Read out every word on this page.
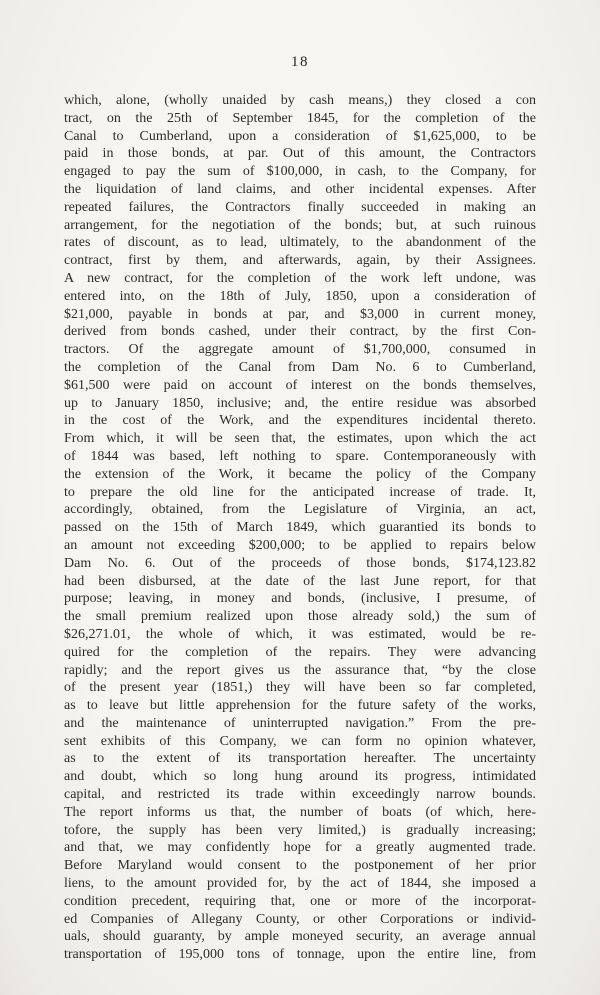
18
which, alone, (wholly unaided by cash means,) they closed a con
tract, on the 25th of September 1845, for the completion of the
Canal to Cumberland, upon a consideration of $1,625,000, to be
paid in those bonds, at par. Out of this amount, the Contractors
engaged to pay the sum of $100,000, in cash, to the Company, for
the liquidation of land claims, and other incidental expenses. After
repeated failures, the Contractors finally succeeded in making an
arrangement, for the negotiation of the bonds; but, at such ruinous
rates of discount, as to lead, ultimately, to the abandonment of the
contract, first by them, and afterwards, again, by their Assignees.
A new contract, for the completion of the work left undone, was
entered into, on the 18th of July, 1850, upon a consideration of
$21,000, payable in bonds at par, and $3,000 in current money,
derived from bonds cashed, under their contract, by the first Con-
tractors. Of the aggregate amount of $1,700,000, consumed in
the completion of the Canal from Dam No. 6 to Cumberland,
$61,500 were paid on account of interest on the bonds themselves,
up to January 1850, inclusive; and, the entire residue was absorbed
in the cost of the Work, and the expenditures incidental thereto.
From which, it will be seen that, the estimates, upon which the act
of 1844 was based, left nothing to spare. Contemporaneously with
the extension of the Work, it became the policy of the Company
to prepare the old line for the anticipated increase of trade. It,
accordingly, obtained, from the Legislature of Virginia, an act,
passed on the 15th of March 1849, which guarantied its bonds to
an amount not exceeding $200,000; to be applied to repairs below
Dam No. 6. Out of the proceeds of those bonds, $174,123.82
had been disbursed, at the date of the last June report, for that
purpose; leaving, in money and bonds, (inclusive, I presume, of
the small premium realized upon those already sold,) the sum of
$26,271.01, the whole of which, it was estimated, would be re-
quired for the completion of the repairs. They were advancing
rapidly; and the report gives us the assurance that, “by the close
of the present year (1851,) they will have been so far completed,
as to leave but little apprehension for the future safety of the works,
and the maintenance of uninterrupted navigation.” From the pre-
sent exhibits of this Company, we can form no opinion whatever,
as to the extent of its transportation hereafter. The uncertainty
and doubt, which so long hung around its progress, intimidated
capital, and restricted its trade within exceedingly narrow bounds.
The report informs us that, the number of boats (of which, here-
tofore, the supply has been very limited,) is gradually increasing;
and that, we may confidently hope for a greatly augmented trade.
Before Maryland would consent to the postponement of her prior
liens, to the amount provided for, by the act of 1844, she imposed a
condition precedent, requiring that, one or more of the incorporat-
ed Companies of Allegany County, or other Corporations or individ-
uals, should guaranty, by ample moneyed security, an average annual
transportation of 195,000 tons of tonnage, upon the entire line, from
